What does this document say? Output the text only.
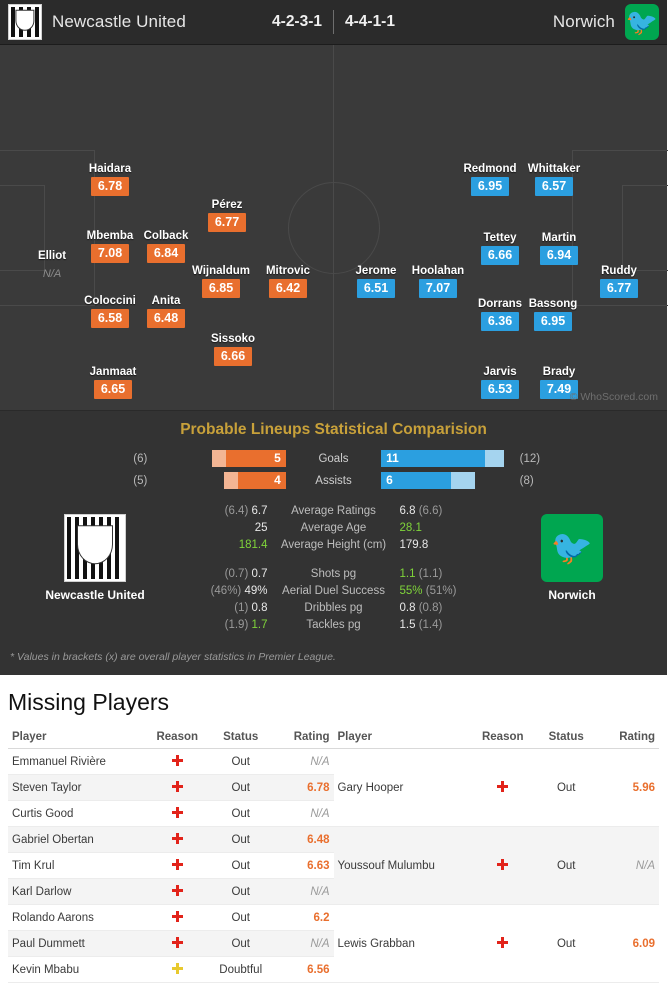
Newcastle United	4-2-3-1 4-4-1-1	Norwich 🐦
Elliot
N/A
Haidara
6.78
Mbemba
7.08
Colback
6.84
Coloccini
6.58
Anita
6.48
Janmaat
6.65
Pérez
6.77
Wijnaldum
6.85
Mitrovic
6.42
Sissoko
6.66
Ruddy
6.77
Redmond
6.95
Whittaker
6.57
Tettey
6.66
Martin
6.94
Dorrans
6.36
Bassong
6.95
Jarvis
6.53
Brady
7.49
Jerome
6.51
Hoolahan
7.07
© WhoScored.com
Probable Lineups Statistical Comparision
(6)	5	Goals	11	(12)
(5)	4	Assists	6	(8)
Newcastle United
(6.4) 6.7	Average Ratings	6.8 (6.6)
25	Average Age	28.1
181.4	Average Height (cm)	179.8
(0.7) 0.7	Shots pg	1.1 (1.1)
(46%) 49%	Aerial Duel Success	55% (51%)
(1) 0.8	Dribbles pg	0.8 (0.8)
(1.9) 1.7	Tackles pg	1.5 (1.4)
🐦
Norwich
* Values in brackets (x) are overall player statistics in Premier League.
Missing Players
Player	Reason	Status	Rating
Emmanuel Rivière		Out	N/A
Steven Taylor		Out	6.78
Curtis Good		Out	N/A
Gabriel Obertan		Out	6.48
Tim Krul		Out	6.63
Karl Darlow		Out	N/A
Rolando Aarons		Out	6.2
Paul Dummett		Out	N/A
Kevin Mbabu		Doubtful	6.56
Player	Reason	Status	Rating
Gary Hooper		Out	5.96
Youssouf Mulumbu		Out	N/A
Lewis Grabban		Out	6.09
